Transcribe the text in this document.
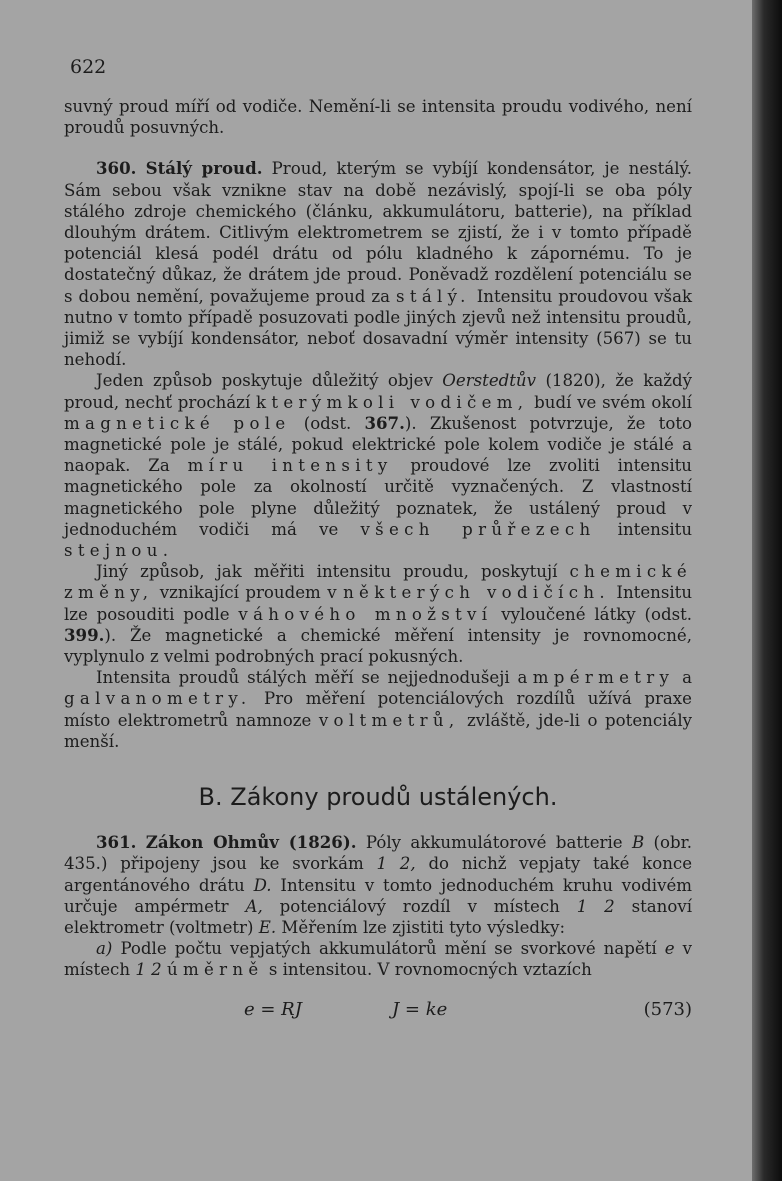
622

suvný proud míří od vodiče. Nemění-li se intensita proudu vodivého, není proudů posuvných.

360. Stálý proud. Proud, kterým se vybíjí kondensátor, je nestálý. Sám sebou však vznikne stav na době nezávislý, spojí-li se oba póly stálého zdroje chemického (článku, akkumulátoru, batterie), na příklad dlouhým drátem. Citlivým elektrometrem se zjistí, že i v tomto případě potenciál klesá podél drátu od pólu kladného k zápornému. To je dostatečný důkaz, že drátem jde proud. Poněvadž rozdělení potenciálu se s dobou nemění, považujeme proud za stálý. Intensitu proudovou však nutno v tomto případě posuzovati podle jiných zjevů než intensitu proudů, jimiž se vybíjí kondensátor, neboť dosavadní výměr intensity (567) se tu nehodí.

Jeden způsob poskytuje důležitý objev Oerstedtův (1820), že každý proud, nechť prochází kterýmkoli vodičem, budí ve svém okolí magnetické pole (odst. 367.). Zkušenost potvrzuje, že toto magnetické pole je stálé, pokud elektrické pole kolem vodiče je stálé a naopak. Za míru intensity proudové lze zvoliti intensitu magnetického pole za okolností určitě vyznačených. Z vlastností magnetického pole plyne důležitý poznatek, že ustálený proud v jednoduchém vodiči má ve všech průřezech intensitu stejnou.

Jiný způsob, jak měřiti intensitu proudu, poskytují chemické změny, vznikající proudem v některých vodičích. Intensitu lze posouditi podle váhového množství vyloučené látky (odst. 399.). Že magnetické a chemické měření intensity je rovnomocné, vyplynulo z velmi podrobných prací pokusných.

Intensita proudů stálých měří se nejjednodušeji ampérmetry a galvanometry. Pro měření potenciálových rozdílů užívá praxe místo elektrometrů namnoze voltmetrů, zvláště, jde-li o potenciály menší.

B. Zákony proudů ustálených.

361. Zákon Ohmův (1826). Póly akkumulátorové batterie B (obr. 435.) připojeny jsou ke svorkám 1 2, do nichž vepjaty také konce argentánového drátu D. Intensitu v tomto jednoduchém kruhu vodivém určuje ampérmetr A, potenciálový rozdíl v místech 1 2 stanoví elektrometr (voltmetr) E. Měřením lze zjistiti tyto výsledky:

a) Podle počtu vepjatých akkumulátorů mění se svorkové napětí e v místech 1 2 úměrně s intensitou. V rovnomocných vztazích

e = RJ	J = ke	(573)
